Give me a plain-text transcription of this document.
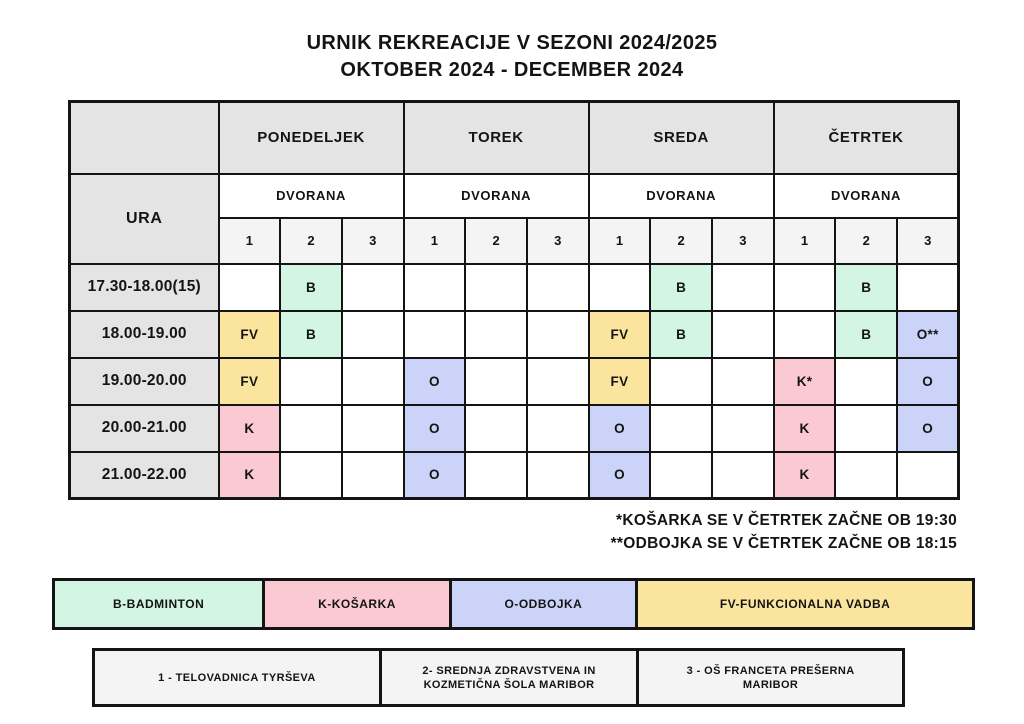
URNIK REKREACIJE V SEZONI 2024/2025
OKTOBER 2024 - DECEMBER 2024
	PONEDELJEK			TOREK			SREDA			ČETRTEK		
URA	DVORANA			DVORANA			DVORANA			DVORANA		
	1	2	3	1	2	3	1	2	3	1	2	3
17.30-18.00(15)		B						B			B	
18.00-19.00	FV	B					FV	B			B	O**
19.00-20.00	FV			O			FV			K*		O
20.00-21.00	K			O			O			K		O
21.00-22.00	K			O			O			K		
*KOŠARKA SE V ČETRTEK ZAČNE OB 19:30
**ODBOJKA SE V ČETRTEK ZAČNE OB 18:15
B-BADMINTON	K-KOŠARKA	O-ODBOJKA	FV-FUNKCIONALNA VADBA
1 - TELOVADNICA TYRŠEVA
2- SREDNJA ZDRAVSTVENA IN KOZMETIČNA ŠOLA MARIBOR
3 - OŠ FRANCETA PREŠERNA MARIBOR
